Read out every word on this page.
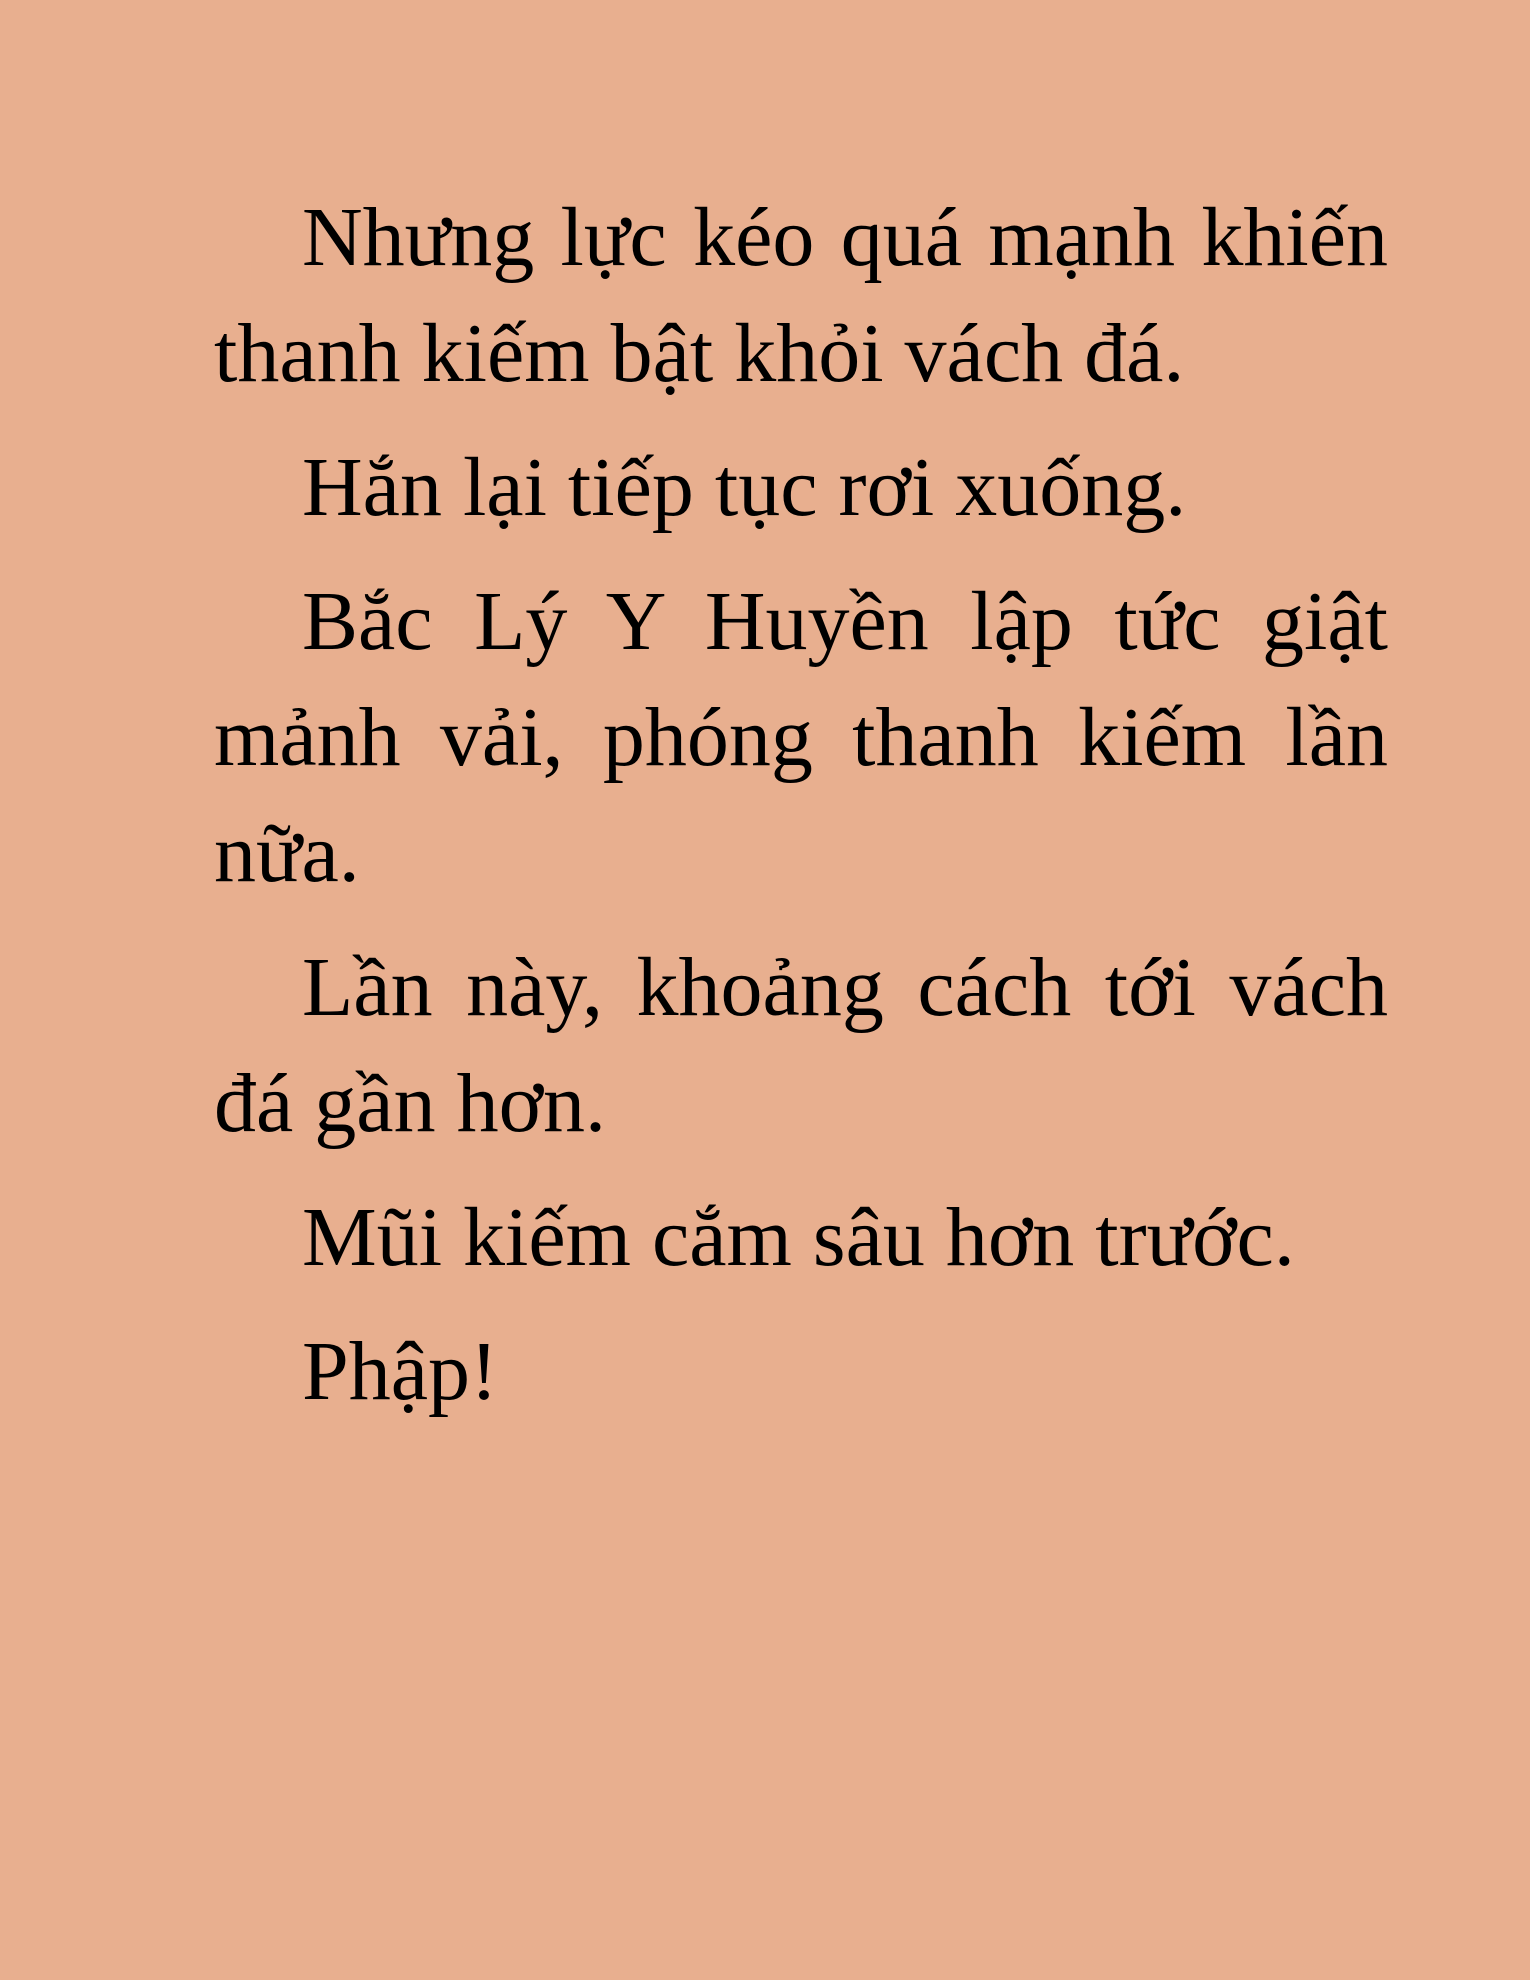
Nhưng lực kéo quá mạnh khiến thanh kiếm bật khỏi vách đá.

Hắn lại tiếp tục rơi xuống.

Bắc Lý Y Huyền lập tức giật mảnh vải, phóng thanh kiếm lần nữa.

Lần này, khoảng cách tới vách đá gần hơn.

Mũi kiếm cắm sâu hơn trước.

Phập!
